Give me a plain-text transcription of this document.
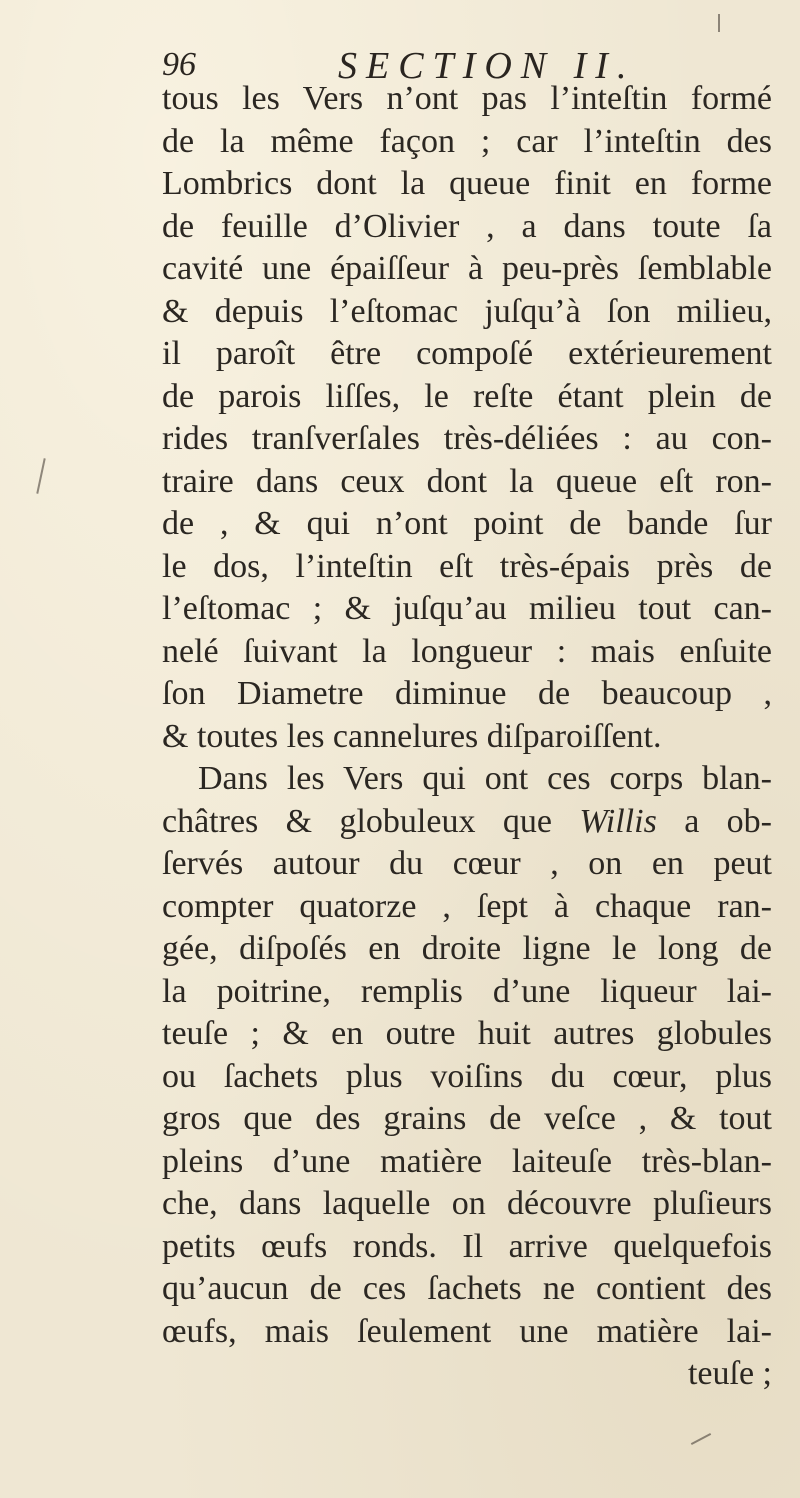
96	SECTION II.
tous les Vers n’ont pas l’inteſtin formé
de la même façon ; car l’inteſtin des
Lombrics dont la queue finit en forme
de feuille d’Olivier , a dans toute ſa
cavité une épaiſſeur à peu-près ſemblable
& depuis l’eſtomac juſqu’à ſon milieu,
il paroît être compoſé extérieurement
de parois liſſes, le reſte étant plein de
rides tranſverſales très-déliées : au con-
traire dans ceux dont la queue eſt ron-
de , & qui n’ont point de bande ſur
le dos, l’inteſtin eſt très-épais près de
l’eſtomac ; & juſqu’au milieu tout can-
nelé ſuivant la longueur : mais enſuite
ſon Diametre diminue de beaucoup ,
& toutes les cannelures diſparoiſſent.
Dans les Vers qui ont ces corps blan-
châtres & globuleux que Willis a ob-
ſervés autour du cœur , on en peut
compter quatorze , ſept à chaque ran-
gée, diſpoſés en droite ligne le long de
la poitrine, remplis d’une liqueur lai-
teuſe ; & en outre huit autres globules
ou ſachets plus voiſins du cœur, plus
gros que des grains de veſce , & tout
pleins d’une matière laiteuſe très-blan-
che, dans laquelle on découvre pluſieurs
petits œufs ronds. Il arrive quelquefois
qu’aucun de ces ſachets ne contient des
œufs, mais ſeulement une matière lai-
teuſe ;
